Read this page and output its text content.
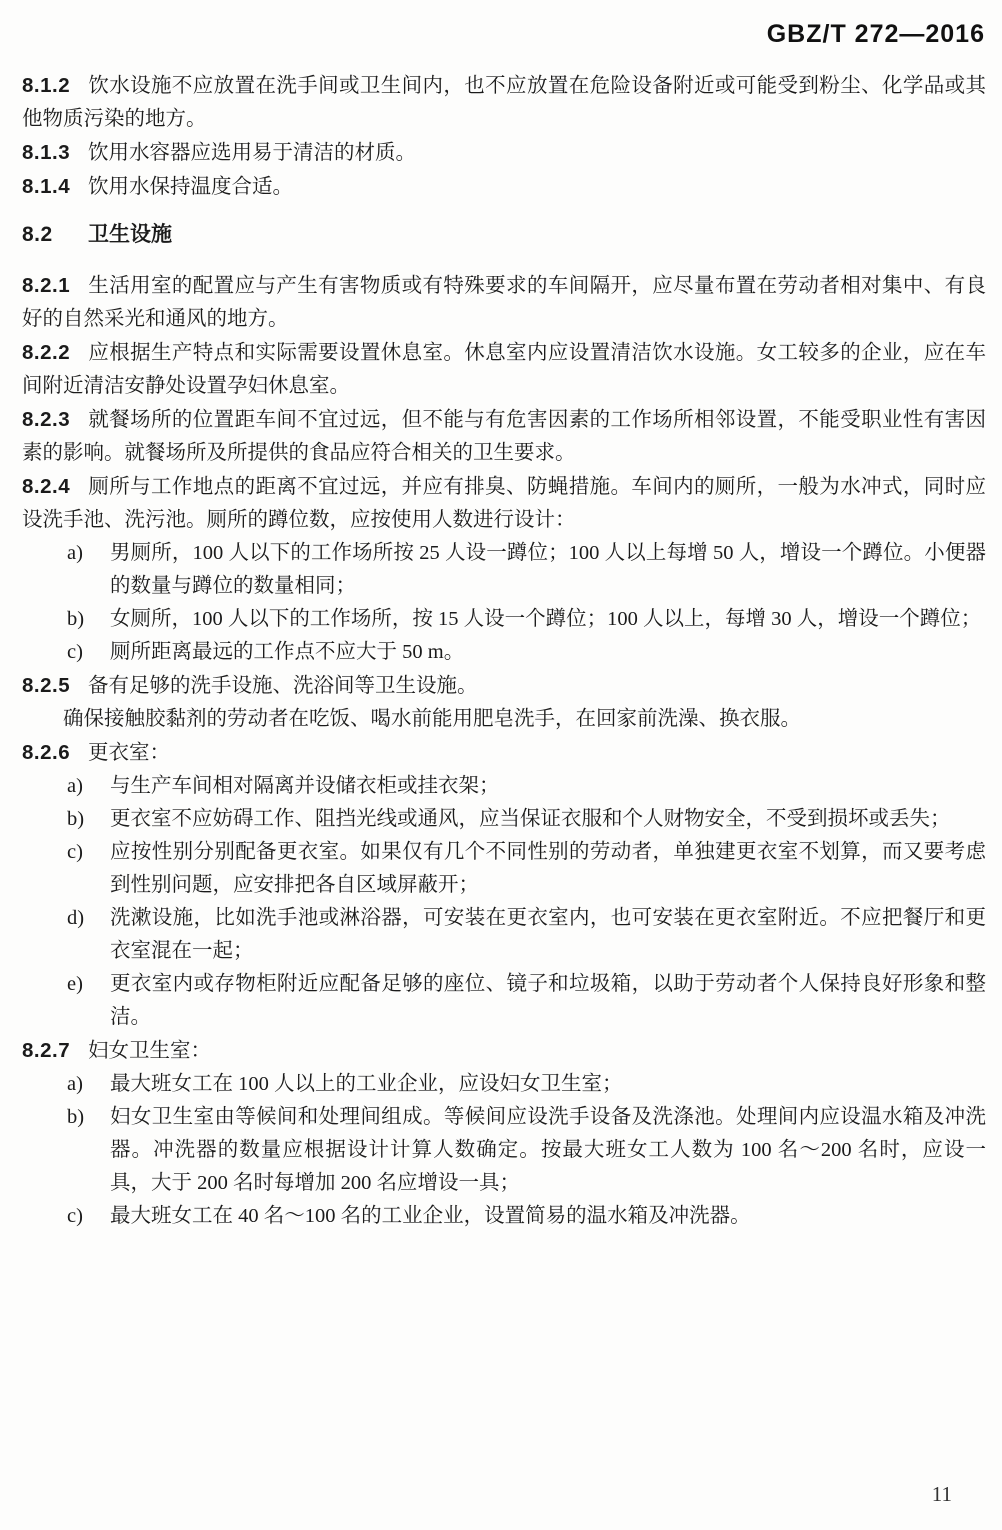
GBZ/T 272—2016

8.1.2 饮水设施不应放置在洗手间或卫生间内，也不应放置在危险设备附近或可能受到粉尘、化学品或其他物质污染的地方。

8.1.3 饮用水容器应选用易于清洁的材质。

8.1.4 饮用水保持温度合适。

8.2 卫生设施

8.2.1 生活用室的配置应与产生有害物质或有特殊要求的车间隔开，应尽量布置在劳动者相对集中、有良好的自然采光和通风的地方。

8.2.2 应根据生产特点和实际需要设置休息室。休息室内应设置清洁饮水设施。女工较多的企业，应在车间附近清洁安静处设置孕妇休息室。

8.2.3 就餐场所的位置距车间不宜过远，但不能与有危害因素的工作场所相邻设置，不能受职业性有害因素的影响。就餐场所及所提供的食品应符合相关的卫生要求。

8.2.4 厕所与工作地点的距离不宜过远，并应有排臭、防蝇措施。车间内的厕所，一般为水冲式，同时应设洗手池、洗污池。厕所的蹲位数，应按使用人数进行设计：

a)	男厕所，100 人以下的工作场所按 25 人设一蹲位；100 人以上每增 50 人，增设一个蹲位。小便器的数量与蹲位的数量相同；
b)	女厕所，100 人以下的工作场所，按 15 人设一个蹲位；100 人以上，每增 30 人，增设一个蹲位；
c)	厕所距离最远的工作点不应大于 50 m。

8.2.5 备有足够的洗手设施、洗浴间等卫生设施。

确保接触胶黏剂的劳动者在吃饭、喝水前能用肥皂洗手，在回家前洗澡、换衣服。

8.2.6 更衣室：

a)	与生产车间相对隔离并设储衣柜或挂衣架；
b)	更衣室不应妨碍工作、阻挡光线或通风，应当保证衣服和个人财物安全，不受到损坏或丢失；
c)	应按性别分别配备更衣室。如果仅有几个不同性别的劳动者，单独建更衣室不划算，而又要考虑到性别问题，应安排把各自区域屏蔽开；
d)	洗漱设施，比如洗手池或淋浴器，可安装在更衣室内，也可安装在更衣室附近。不应把餐厅和更衣室混在一起；
e)	更衣室内或存物柜附近应配备足够的座位、镜子和垃圾箱，以助于劳动者个人保持良好形象和整洁。

8.2.7 妇女卫生室：

a)	最大班女工在 100 人以上的工业企业，应设妇女卫生室；
b)	妇女卫生室由等候间和处理间组成。等候间应设洗手设备及洗涤池。处理间内应设温水箱及冲洗器。冲洗器的数量应根据设计计算人数确定。按最大班女工人数为 100 名～200 名时，应设一具，大于 200 名时每增加 200 名应增设一具；
c)	最大班女工在 40 名～100 名的工业企业，设置简易的温水箱及冲洗器。
11
